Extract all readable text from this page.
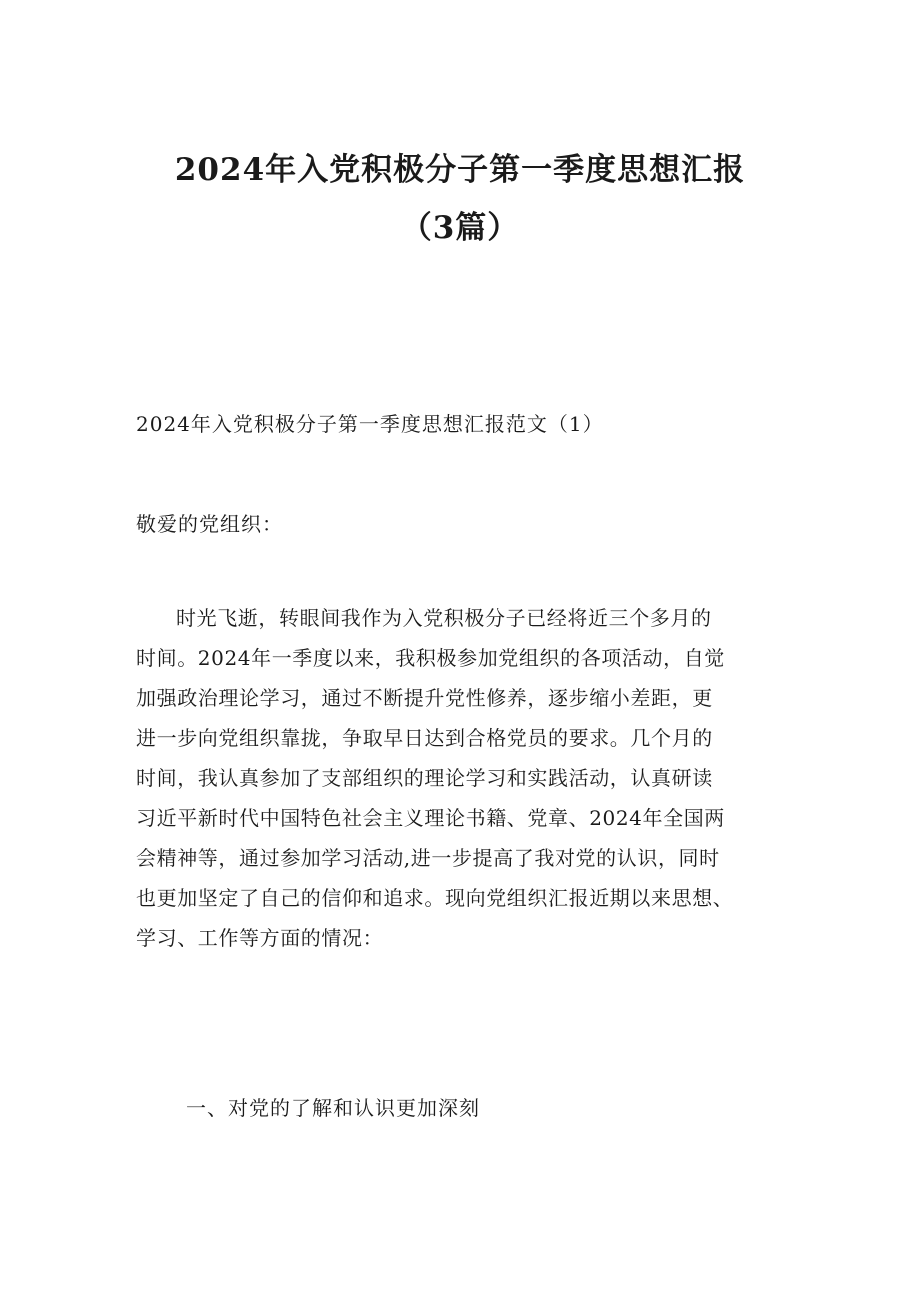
2024年入党积极分子第一季度思想汇报
（3篇）

2024年入党积极分子第一季度思想汇报范文（1）

敬爱的党组织：

时光飞逝，转眼间我作为入党积极分子已经将近三个多月的
时间。2024年一季度以来，我积极参加党组织的各项活动，自觉
加强政治理论学习，通过不断提升党性修养，逐步缩小差距，更
进一步向党组织靠拢，争取早日达到合格党员的要求。几个月的
时间，我认真参加了支部组织的理论学习和实践活动，认真研读
习近平新时代中国特色社会主义理论书籍、党章、2024年全国两
会精神等，通过参加学习活动,进一步提高了我对党的认识，同时
也更加坚定了自己的信仰和追求。现向党组织汇报近期以来思想、
学习、工作等方面的情况：

一、对党的了解和认识更加深刻
